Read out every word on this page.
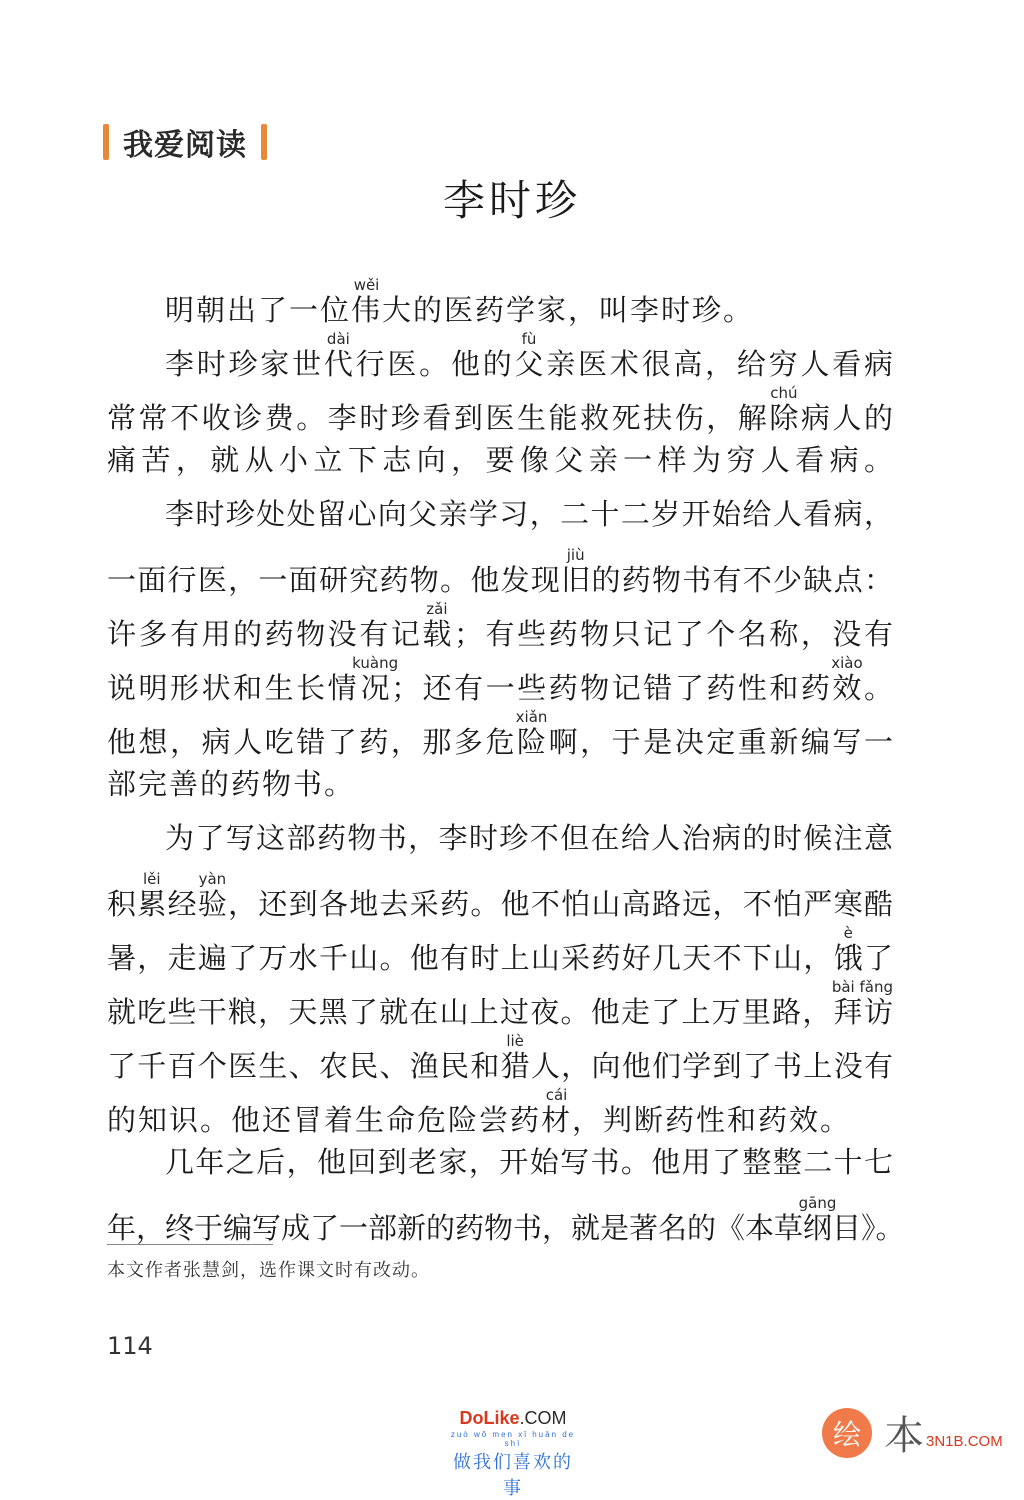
我爱阅读
李时珍
明朝出了一位伟wěi大的医药学家，叫李时珍。
李时珍家世代dài行医。他的父fù亲医术很高，给穷人看病
常常不收诊费。李时珍看到医生能救死扶伤，解除chú病人的
痛苦，就从小立下志向，要像父亲一样为穷人看病。
李时珍处处留心向父亲学习，二十二岁开始给人看病，
一面行医，一面研究药物。他发现旧jiù的药物书有不少缺点：
许多有用的药物没有记载zǎi；有些药物只记了个名称，没有
说明形状和生长情况kuàng；还有一些药物记错了药性和药效xiào。
他想，病人吃错了药，那多危险xiǎn啊，于是决定重新编写一
部完善的药物书。
为了写这部药物书，李时珍不但在给人治病的时候注意
积累lěi经验yàn，还到各地去采药。他不怕山高路远，不怕严寒酷
暑，走遍了万水千山。他有时上山采药好几天不下山，饿è了
就吃些干粮，天黑了就在山上过夜。他走了上万里路，拜访bài fǎng
了千百个医生、农民、渔民和猎liè人，向他们学到了书上没有
的知识。他还冒着生命危险尝药材cái，判断药性和药效。
几年之后，他回到老家，开始写书。他用了整整二十七
年，终于编写成了一部新的药物书，就是著名的《本草纲gāng目》。
本文作者张慧剑，选作课文时有改动。
114
DoLike.COM
zuò wǒ men xǐ huān de shì
做我们喜欢的事
绘 本 3N1B.COM
